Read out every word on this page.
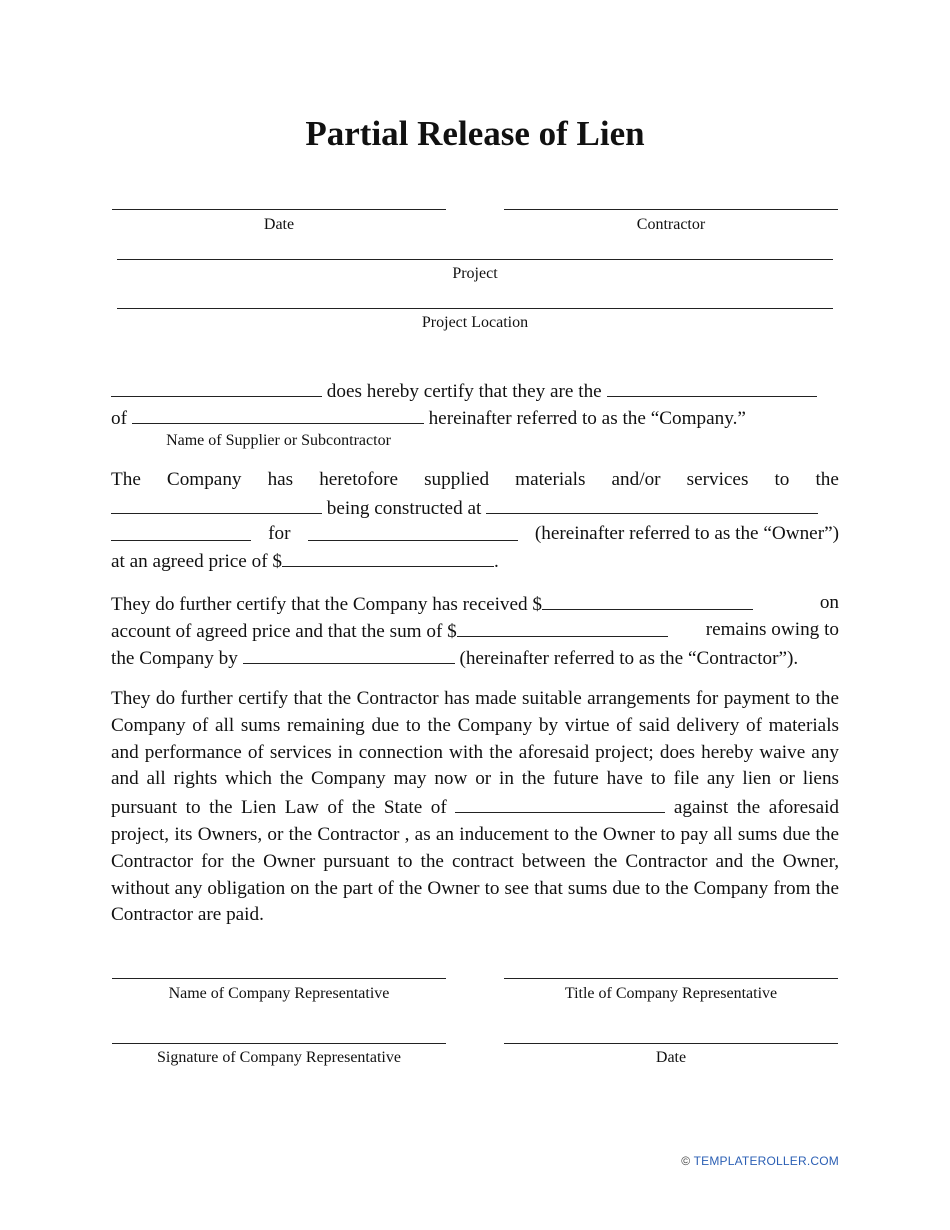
Partial Release of Lien
Date	Contractor
Project
Project Location
does hereby certify that they are the
of	hereinafter referred to as the “Company.”
Name of Supplier or Subcontractor
The Company has heretofore supplied materials and/or services to the
being constructed at
for	(hereinafter referred to as the “Owner”)
at an agreed price of $	.
They do further certify that the Company has received $	on
account of agreed price and that the sum of $	remains owing to
the Company by	(hereinafter referred to as the “Contractor”).
They do further certify that the Contractor has made suitable arrangements for payment to the Company of all sums remaining due to the Company by virtue of said delivery of materials and performance of services in connection with the aforesaid project; does hereby waive any and all rights which the Company may now or in the future have to file any lien or liens pursuant to the Lien Law of the State of	against the aforesaid project, its Owners, or the Contractor , as an inducement to the Owner to pay all sums due the Contractor for the Owner pursuant to the contract between the Contractor and the Owner, without any obligation on the part of the Owner to see that sums due to the Company from the Contractor are paid.
Name of Company Representative	Title of Company Representative
Signature of Company Representative	Date
© TEMPLATEROLLER.COM
